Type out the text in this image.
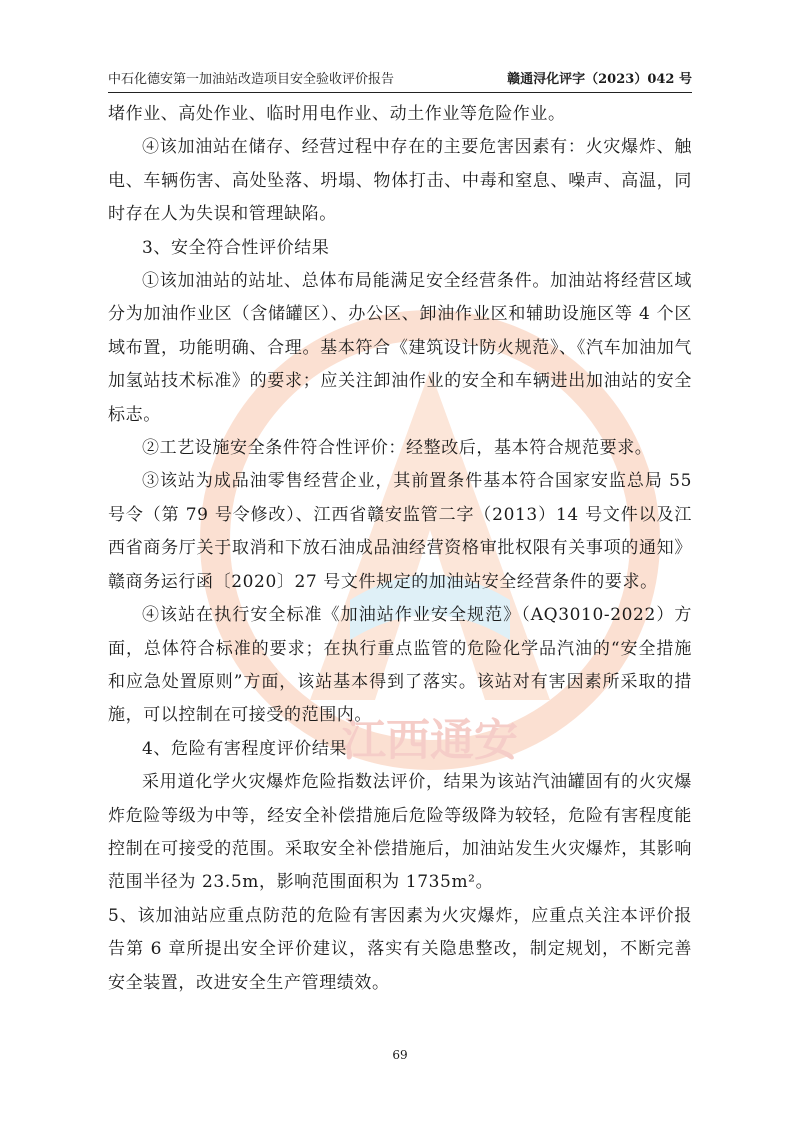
中石化德安第一加油站改造项目安全验收评价报告	赣通浔化评字（2023）042 号
江西通安

堵作业、高处作业、临时用电作业、动土作业等危险作业。

④该加油站在储存、经营过程中存在的主要危害因素有：火灾爆炸、触电、车辆伤害、高处坠落、坍塌、物体打击、中毒和窒息、噪声、高温，同时存在人为失误和管理缺陷。

3、安全符合性评价结果

①该加油站的站址、总体布局能满足安全经营条件。加油站将经营区域分为加油作业区（含储罐区）、办公区、卸油作业区和辅助设施区等 4 个区域布置，功能明确、合理。基本符合《建筑设计防火规范》、《汽车加油加气加氢站技术标准》的要求；应关注卸油作业的安全和车辆进出加油站的安全标志。

②工艺设施安全条件符合性评价：经整改后，基本符合规范要求。

③该站为成品油零售经营企业，其前置条件基本符合国家安监总局 55 号令（第 79 号令修改）、江西省赣安监管二字（2013）14 号文件以及江西省商务厅关于取消和下放石油成品油经营资格审批权限有关事项的通知》赣商务运行函〔2020〕27 号文件规定的加油站安全经营条件的要求。

④该站在执行安全标准《加油站作业安全规范》（AQ3010-2022）方面，总体符合标准的要求；在执行重点监管的危险化学品汽油的“安全措施和应急处置原则”方面，该站基本得到了落实。该站对有害因素所采取的措施，可以控制在可接受的范围内。

4、危险有害程度评价结果

采用道化学火灾爆炸危险指数法评价，结果为该站汽油罐固有的火灾爆炸危险等级为中等，经安全补偿措施后危险等级降为较轻，危险有害程度能控制在可接受的范围。采取安全补偿措施后，加油站发生火灾爆炸，其影响范围半径为 23.5m，影响范围面积为 1735m²。

5、该加油站应重点防范的危险有害因素为火灾爆炸，应重点关注本评价报告第 6 章所提出安全评价建议，落实有关隐患整改，制定规划，不断完善安全装置，改进安全生产管理绩效。

69
